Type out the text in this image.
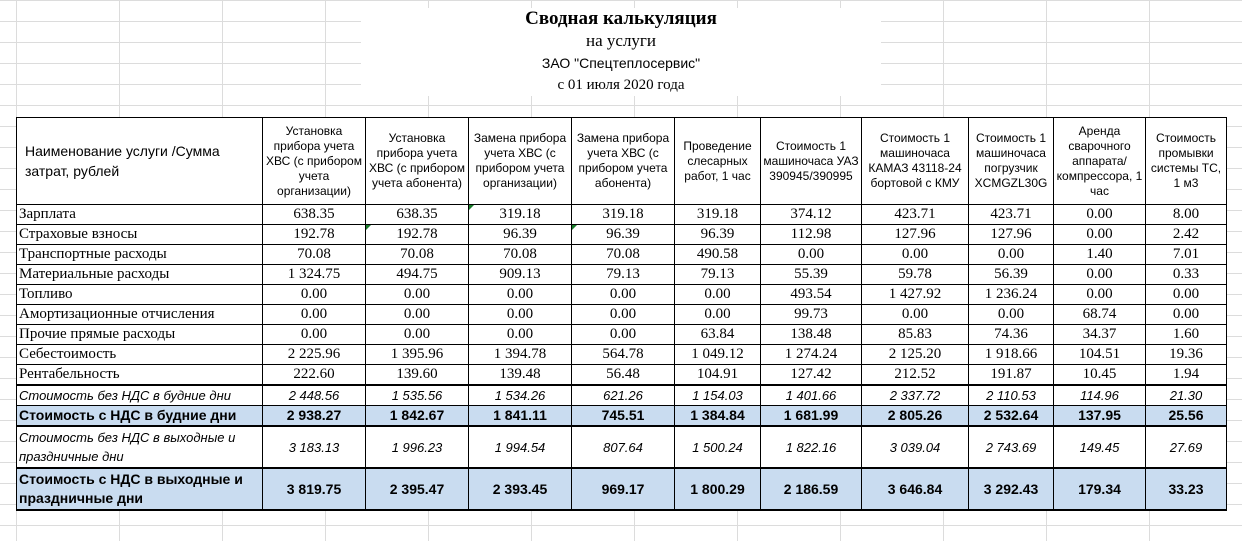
Сводная калькуляция
на услуги
ЗАО "Спецтеплосервис"
с 01 июля 2020 года
Наименование услуги /Сумма затрат, рублей	Установка прибора учета ХВС (с прибором учета организации)	Установка прибора учета ХВС (с прибором учета абонента)	Замена прибора учета ХВС (с прибором учета организации)	Замена прибора учета ХВС (с прибором учета абонента)	Проведение слесарных работ, 1 час	Стоимость 1 машиночаса УАЗ 390945/390995	Стоимость 1 машиночаса КАМАЗ 43118-24 бортовой с КМУ	Стоимость 1 машиночаса погрузчик XCMGZL30G	Аренда сварочного аппарата/ компрессора, 1 час	Стоимость промывки системы ТС, 1 м3
Зарплата	638.35	638.35	319.18	319.18	319.18	374.12	423.71	423.71	0.00	8.00
Страховые взносы	192.78	192.78	96.39	96.39	96.39	112.98	127.96	127.96	0.00	2.42
Транспортные расходы	70.08	70.08	70.08	70.08	490.58	0.00	0.00	0.00	1.40	7.01
Материальные расходы	1 324.75	494.75	909.13	79.13	79.13	55.39	59.78	56.39	0.00	0.33
Топливо	0.00	0.00	0.00	0.00	0.00	493.54	1 427.92	1 236.24	0.00	0.00
Амортизационные отчисления	0.00	0.00	0.00	0.00	0.00	99.73	0.00	0.00	68.74	0.00
Прочие прямые расходы	0.00	0.00	0.00	0.00	63.84	138.48	85.83	74.36	34.37	1.60
Себестоимость	2 225.96	1 395.96	1 394.78	564.78	1 049.12	1 274.24	2 125.20	1 918.66	104.51	19.36
Рентабельность	222.60	139.60	139.48	56.48	104.91	127.42	212.52	191.87	10.45	1.94
Стоимость без НДС в будние дни	2 448.56	1 535.56	1 534.26	621.26	1 154.03	1 401.66	2 337.72	2 110.53	114.96	21.30
Стоимость с НДС в будние дни	2 938.27	1 842.67	1 841.11	745.51	1 384.84	1 681.99	2 805.26	2 532.64	137.95	25.56
Стоимость без НДС в выходные и праздничные дни	3 183.13	1 996.23	1 994.54	807.64	1 500.24	1 822.16	3 039.04	2 743.69	149.45	27.69
Стоимость с НДС в выходные и праздничные дни	3 819.75	2 395.47	2 393.45	969.17	1 800.29	2 186.59	3 646.84	3 292.43	179.34	33.23
